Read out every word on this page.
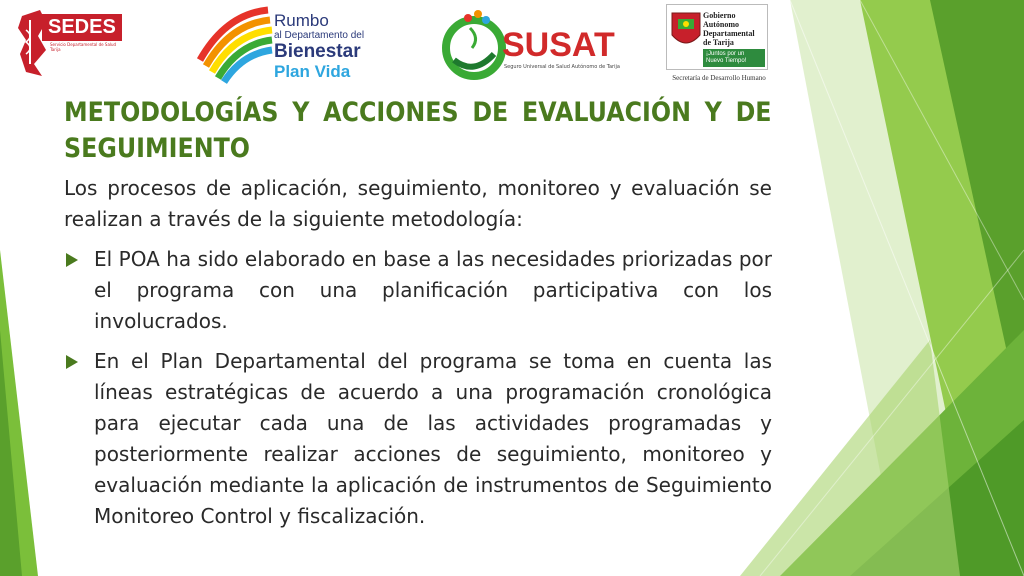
SEDES
Servicio Departamental de Salud Tarija
Rumbo
al Departamento del
Bienestar
Plan Vida
SUSAT
Seguro Universal de Salud Autónomo de Tarija
Gobierno
Autónomo
Departamental
de Tarija
¡Juntos por un Nuevo Tiempo!
Secretaría de Desarrollo Humano
METODOLOGÍAS Y ACCIONES DE EVALUACIÓN Y DE SEGUIMIENTO

Los procesos de aplicación, seguimiento, monitoreo y evaluación se realizan a través de la siguiente metodología:

El POA ha sido elaborado en base a las necesidades priorizadas por el programa con una planificación participativa con los involucrados.
En el Plan Departamental del programa se toma en cuenta las líneas estratégicas de acuerdo a una programación cronológica para ejecutar cada una de las actividades programadas y posteriormente realizar acciones de seguimiento, monitoreo y evaluación mediante la aplicación de instrumentos de Seguimiento Monitoreo Control y fiscalización.
